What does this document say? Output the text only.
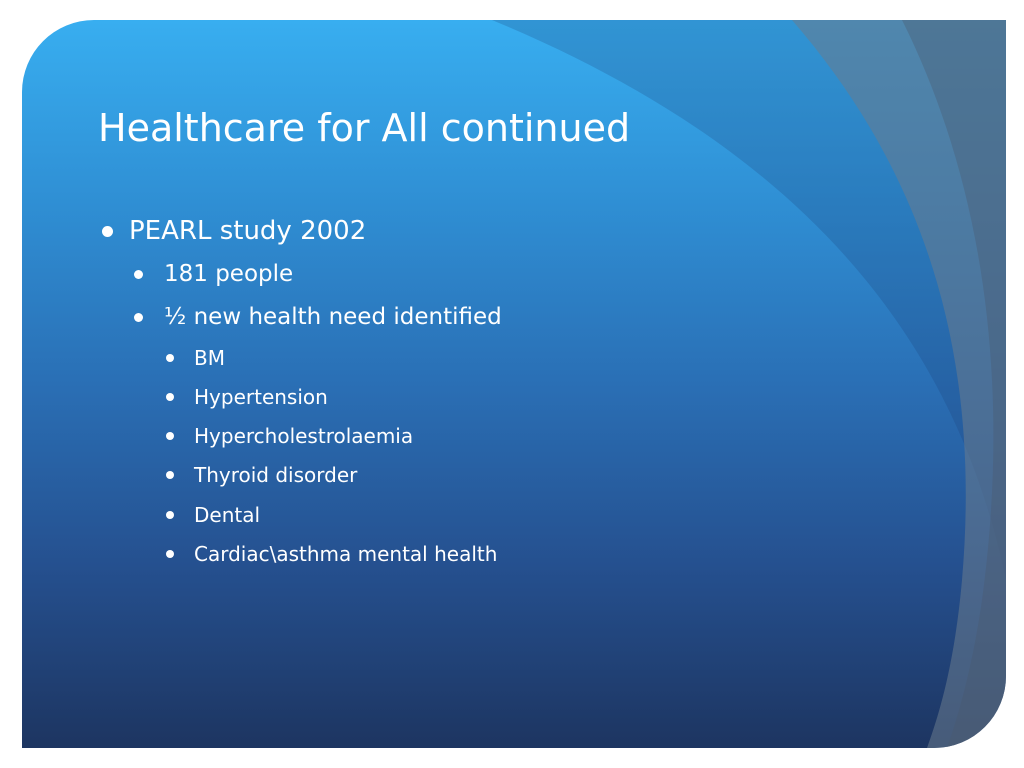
Healthcare for All continued
PEARL study 2002
181 people
½ new health need identified
BM
Hypertension
Hypercholestrolaemia
Thyroid disorder
Dental
Cardiac\asthma mental health
